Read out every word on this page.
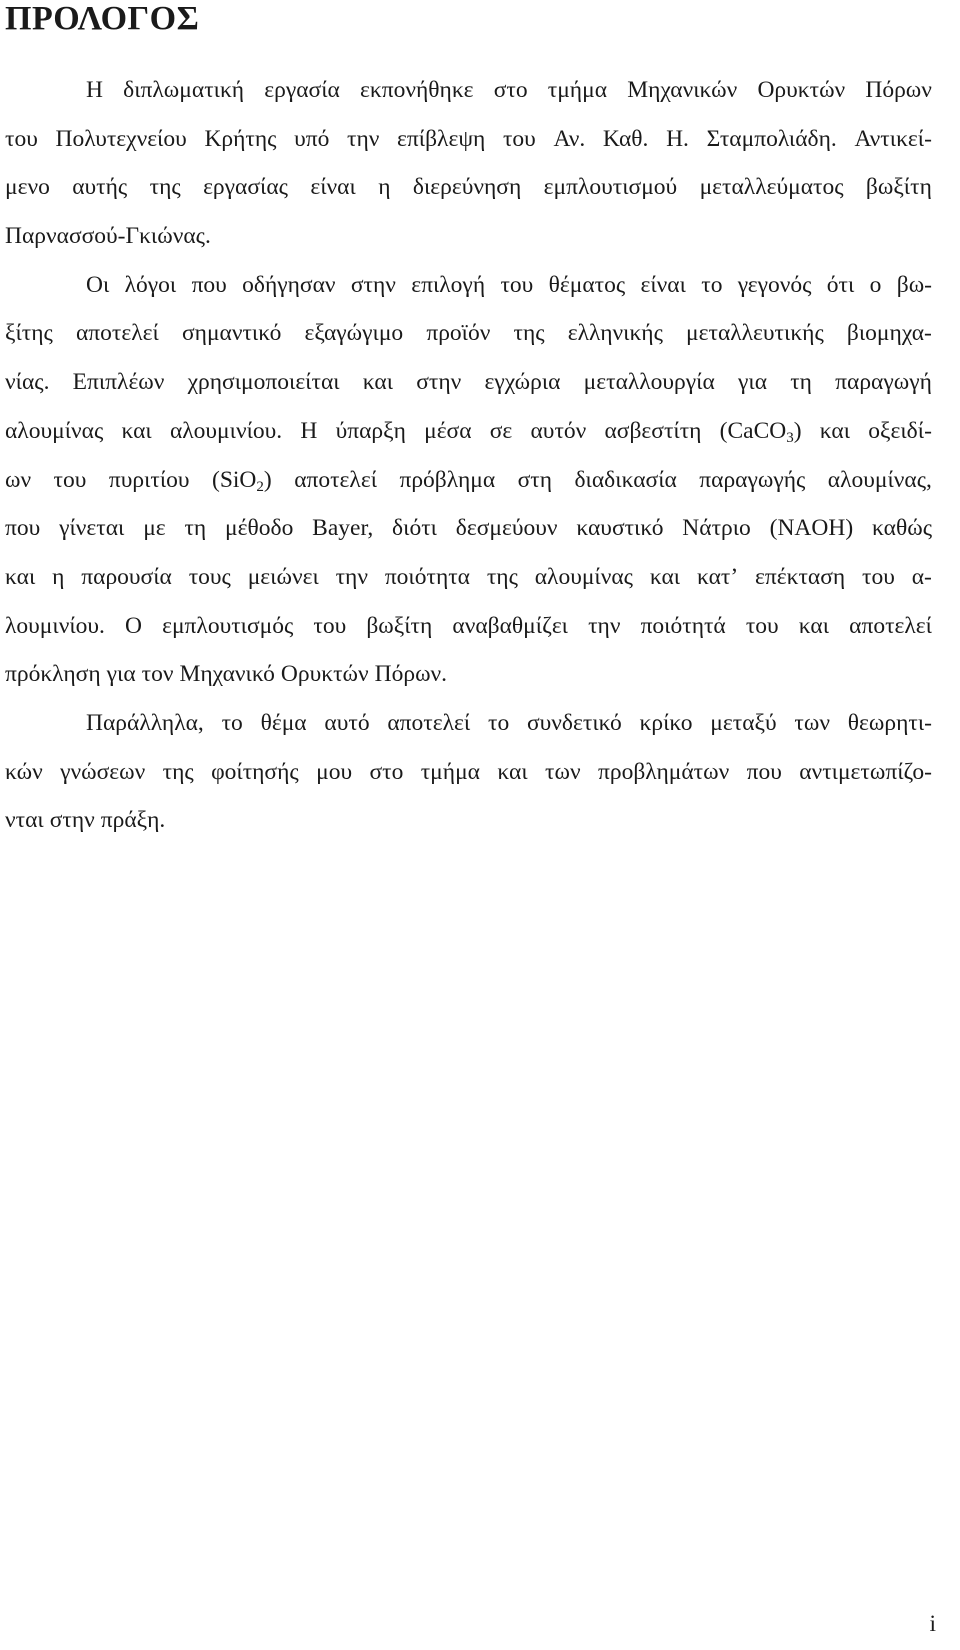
ΠΡΟΛΟΓΟΣ
Η διπλωματική εργασία εκπονήθηκε στο τμήμα Μηχανικών Ορυκτών Πόρων
του Πολυτεχνείου Κρήτης υπό την επίβλεψη του Αν. Καθ. Η. Σταμπολιάδη. Αντικεί-
μενο αυτής της εργασίας είναι η διερεύνηση εμπλουτισμού μεταλλεύματος βωξίτη
Παρνασσού-Γκιώνας.
Οι λόγοι που οδήγησαν στην επιλογή του θέματος είναι το γεγονός ότι ο βω-
ξίτης αποτελεί σημαντικό εξαγώγιμο προϊόν της ελληνικής μεταλλευτικής βιομηχα-
νίας. Επιπλέων χρησιμοποιείται και στην εγχώρια μεταλλουργία για τη παραγωγή
αλουμίνας και αλουμινίου. Η ύπαρξη μέσα σε αυτόν ασβεστίτη (CaCO$_3$) και οξειδί-
ων του πυριτίου (SiO$_2$) αποτελεί πρόβλημα στη διαδικασία παραγωγής αλουμίνας,
που γίνεται με τη μέθοδο Bayer, διότι δεσμεύουν καυστικό Νάτριο (NAOH) καθώς
και η παρουσία τους μειώνει την ποιότητα της αλουμίνας και κατ’ επέκταση του α-
λουμινίου. Ο εμπλουτισμός του βωξίτη αναβαθμίζει την ποιότητά του και αποτελεί
πρόκληση για τον Μηχανικό Ορυκτών Πόρων.
Παράλληλα, το θέμα αυτό αποτελεί το συνδετικό κρίκο μεταξύ των θεωρητι-
κών γνώσεων της φοίτησής μου στο τμήμα και των προβλημάτων που αντιμετωπίζο-
νται στην πράξη.
i
